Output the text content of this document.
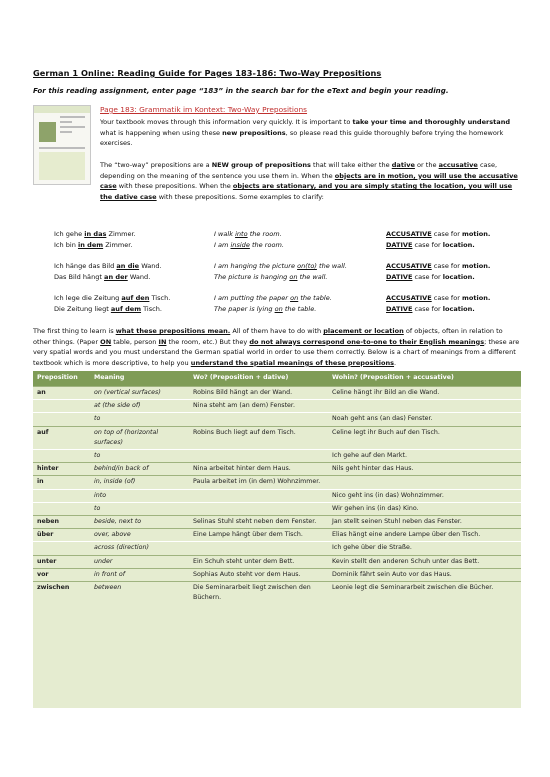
German 1 Online: Reading Guide for Pages 183-186: Two-Way Prepositions
For this reading assignment, enter page “183” in the search bar for the eText and begin your reading.
Page 183: Grammatik im Kontext: Two-Way Prepositions
Your textbook moves through this information very quickly. It is important to take your time and thoroughly understand what is happening when using these new prepositions, so please read this guide thoroughly before trying the homework exercises.
The “two-way” prepositions are a NEW group of prepositions that will take either the dative or the accusative case, depending on the meaning of the sentence you use them in. When the objects are in motion, you will use the accusative case with these prepositions. When the objects are stationary, and you are simply stating the location, you will use the dative case with these prepositions. Some examples to clarify:
Ich gehe in das Zimmer.	I walk into the room.	ACCUSATIVE case for motion.
Ich bin in dem Zimmer.	I am inside the room.	DATIVE case for location.
Ich hänge das Bild an die Wand.	I am hanging the picture on(to) the wall.	ACCUSATIVE case for motion.
Das Bild hängt an der Wand.	The picture is hanging on the wall.	DATIVE case for location.
Ich lege die Zeitung auf den Tisch.	I am putting the paper on the table.	ACCUSATIVE case for motion.
Die Zeitung liegt auf dem Tisch.	The paper is lying on the table.	DATIVE case for location.
The first thing to learn is what these prepositions mean. All of them have to do with placement or location of objects, often in relation to other things. (Paper ON table, person IN the room, etc.) But they do not always correspond one-to-one to their English meanings; these are very spatial words and you must understand the German spatial world in order to use them correctly. Below is a chart of meanings from a different textbook which is more descriptive, to help you understand the spatial meanings of these prepositions.
Preposition	Meaning	Wo? (Preposition + dative)	Wohin? (Preposition + accusative)
an	on (vertical surfaces)	Robins Bild hängt an der Wand.	Celine hängt ihr Bild an die Wand.
	at (the side of)	Nina steht am (an dem) Fenster.	
	to		Noah geht ans (an das) Fenster.
auf	on top of (horizontal surfaces)	Robins Buch liegt auf dem Tisch.	Celine legt ihr Buch auf den Tisch.
	to		Ich gehe auf den Markt.
hinter	behind/in back of	Nina arbeitet hinter dem Haus.	Nils geht hinter das Haus.
in	in, inside (of)	Paula arbeitet im (in dem) Wohnzimmer.	
	into		Nico geht ins (in das) Wohnzimmer.
	to		Wir gehen ins (in das) Kino.
neben	beside, next to	Selinas Stuhl steht neben dem Fenster.	Jan stellt seinen Stuhl neben das Fenster.
über	over, above	Eine Lampe hängt über dem Tisch.	Elias hängt eine andere Lampe über den Tisch.
	across (direction)		Ich gehe über die Straße.
unter	under	Ein Schuh steht unter dem Bett.	Kevin stellt den anderen Schuh unter das Bett.
vor	in front of	Sophias Auto steht vor dem Haus.	Dominik fährt sein Auto vor das Haus.
zwischen	between	Die Seminararbeit liegt zwischen den Büchern.	Leonie legt die Seminararbeit zwischen die Bücher.
